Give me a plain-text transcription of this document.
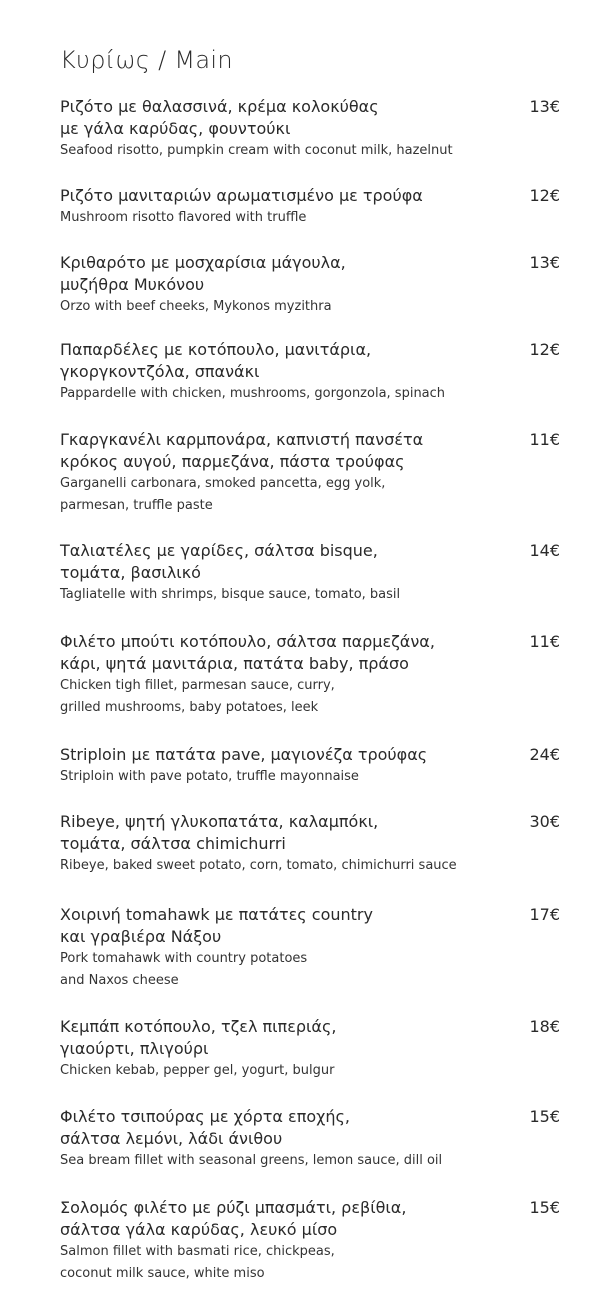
Κυρίως / Main
Ριζότο με θαλασσινά, κρέμα κολοκύθας
με γάλα καρύδας, φουντούκι
Seafood risotto, pumpkin cream with coconut milk, hazelnut
13€
Ριζότο μανιταριών αρωματισμένο με τρούφα
Mushroom risotto flavored with truffle
12€
Κριθαρότο με μοσχαρίσια μάγουλα,
μυζήθρα Μυκόνου
Orzo with beef cheeks, Mykonos myzithra
13€
Παπαρδέλες με κοτόπουλο, μανιτάρια,
γκοργκοντζόλα, σπανάκι
Pappardelle with chicken, mushrooms, gorgonzola, spinach
12€
Γκαργκανέλι καρμπονάρα, καπνιστή πανσέτα
κρόκος αυγού, παρμεζάνα, πάστα τρούφας
Garganelli carbonara, smoked pancetta, egg yolk,
parmesan, truffle paste
11€
Ταλιατέλες με γαρίδες, σάλτσα bisque,
τομάτα, βασιλικό
Tagliatelle with shrimps, bisque sauce, tomato, basil
14€
Φιλέτο μπούτι κοτόπουλο, σάλτσα παρμεζάνα,
κάρι, ψητά μανιτάρια, πατάτα baby, πράσο
Chicken tigh fillet, parmesan sauce, curry,
grilled mushrooms, baby potatoes, leek
11€
Striploin με πατάτα pave, μαγιονέζα τρούφας
Striploin with pave potato, truffle mayonnaise
24€
Ribeye, ψητή γλυκοπατάτα, καλαμπόκι,
τομάτα, σάλτσα chimichurri
Ribeye, baked sweet potato, corn, tomato, chimichurri sauce
30€
Χοιρινή tomahawk με πατάτες country
και γραβιέρα Νάξου
Pork tomahawk with country potatoes
and Naxos cheese
17€
Κεμπάπ κοτόπουλο, τζελ πιπεριάς,
γιαούρτι, πλιγούρι
Chicken kebab, pepper gel, yogurt, bulgur
18€
Φιλέτο τσιπούρας με χόρτα εποχής,
σάλτσα λεμόνι, λάδι άνιθου
Sea bream fillet with seasonal greens, lemon sauce, dill oil
15€
Σολομός φιλέτο με ρύζι μπασμάτι, ρεβίθια,
σάλτσα γάλα καρύδας, λευκό μίσο
Salmon fillet with basmati rice, chickpeas,
coconut milk sauce, white miso
15€
